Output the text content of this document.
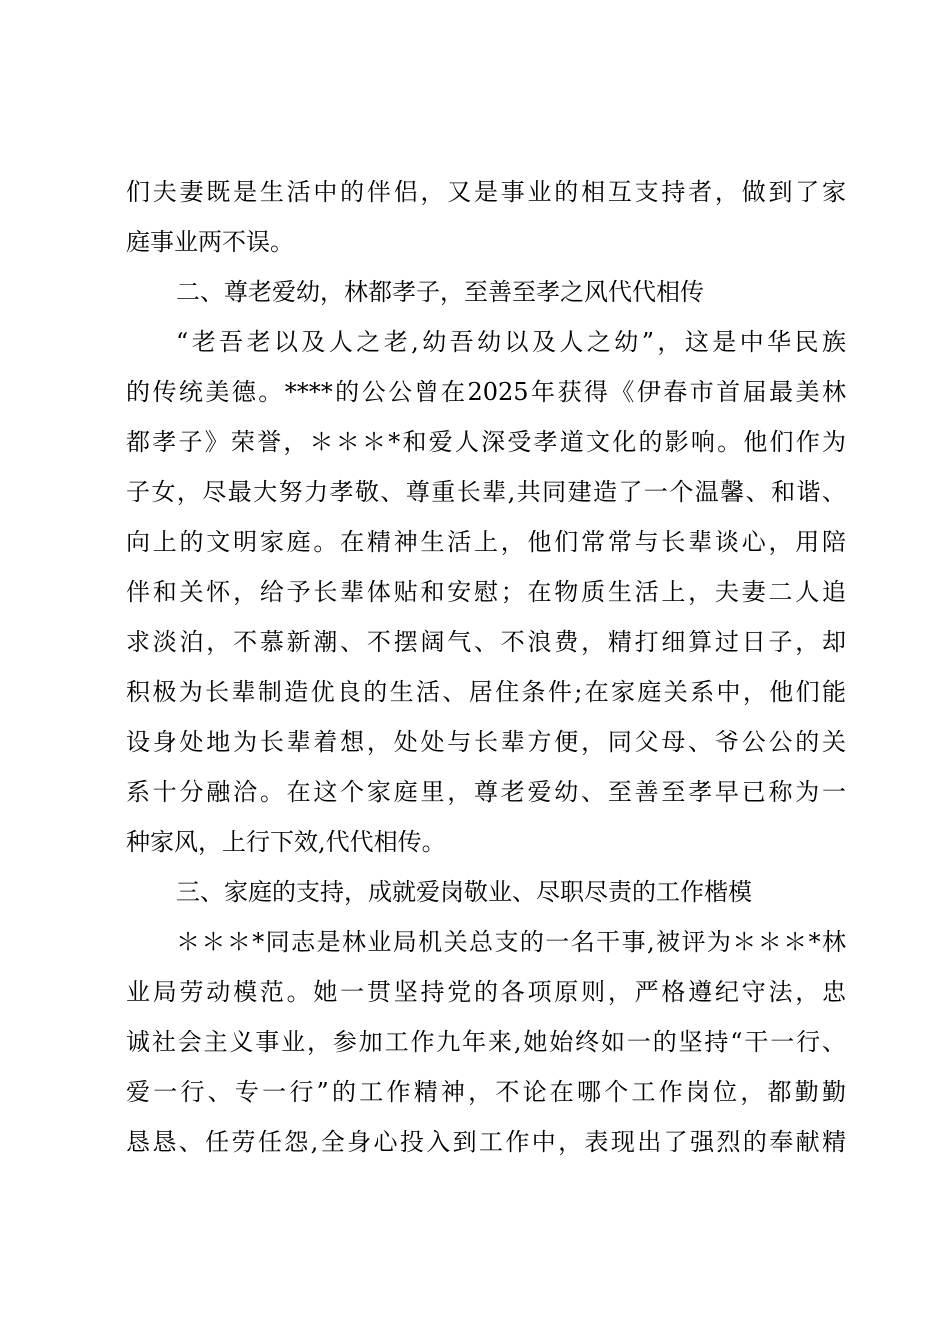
们夫妻既是生活中的伴侣，又是事业的相互支持者，做到了家
庭事业两不误。
二、尊老爱幼，林都孝子，至善至孝之风代代相传
“老吾老以及人之老,幼吾幼以及人之幼”，这是中华民族
的传统美德。****的公公曾在2025年获得《伊春市首届最美林
都孝子》荣誉，＊＊＊*和爱人深受孝道文化的影响。他们作为
子女，尽最大努力孝敬、尊重长辈,共同建造了一个温馨、和谐、
向上的文明家庭。在精神生活上，他们常常与长辈谈心，用陪
伴和关怀，给予长辈体贴和安慰；在物质生活上，夫妻二人追
求淡泊，不慕新潮、不摆阔气、不浪费，精打细算过日子，却
积极为长辈制造优良的生活、居住条件;在家庭关系中，他们能
设身处地为长辈着想，处处与长辈方便，同父母、爷公公的关
系十分融洽。在这个家庭里，尊老爱幼、至善至孝早已称为一
种家风，上行下效,代代相传。
三、家庭的支持，成就爱岗敬业、尽职尽责的工作楷模
＊＊＊*同志是林业局机关总支的一名干事,被评为＊＊＊*林
业局劳动模范。她一贯坚持党的各项原则，严格遵纪守法，忠
诚社会主义事业，参加工作九年来,她始终如一的坚持“干一行、
爱一行、专一行”的工作精神，不论在哪个工作岗位，都勤勤
恳恳、任劳任怨,全身心投入到工作中，表现出了强烈的奉献精
